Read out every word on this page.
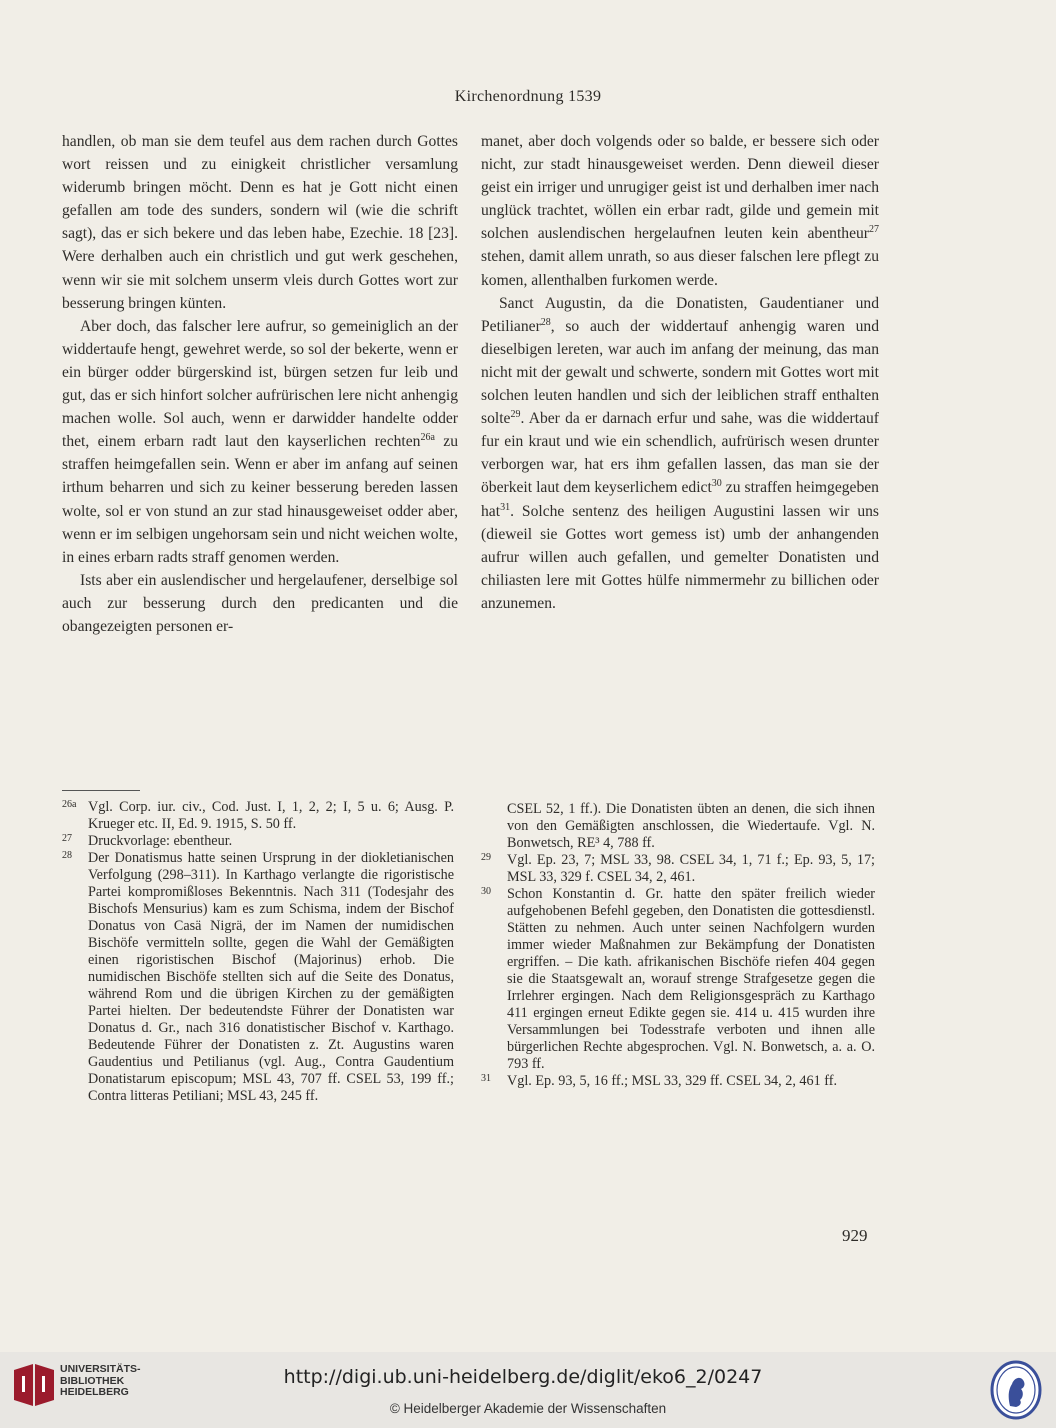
Kirchenordnung 1539

handlen, ob man sie dem teufel aus dem rachen durch Gottes wort reissen und zu einigkeit christlicher versamlung widerumb bringen möcht. Denn es hat je Gott nicht einen gefallen am tode des sunders, sondern wil (wie die schrift sagt), das er sich bekere und das leben habe, Ezechie. 18 [23]. Were derhalben auch ein christlich und gut werk geschehen, wenn wir sie mit solchem unserm vleis durch Gottes wort zur besserung bringen künten.

Aber doch, das falscher lere aufrur, so gemeiniglich an der widdertaufe hengt, gewehret werde, so sol der bekerte, wenn er ein bürger odder bürgerskind ist, bürgen setzen fur leib und gut, das er sich hinfort solcher aufrürischen lere nicht anhengig machen wolle. Sol auch, wenn er darwidder handelte odder thet, einem erbarn radt laut den kayserlichen rechten$^{26a}$ zu straffen heimgefallen sein. Wenn er aber im anfang auf seinen irthum beharren und sich zu keiner besserung bereden lassen wolte, sol er von stund an zur stad hinausgeweiset odder aber, wenn er im selbigen ungehorsam sein und nicht weichen wolte, in eines erbarn radts straff genomen werden.

Ists aber ein auslendischer und hergelaufener, derselbige sol auch zur besserung durch den predicanten und die obangezeigten personen er-

manet, aber doch volgends oder so balde, er bessere sich oder nicht, zur stadt hinausgeweiset werden. Denn dieweil dieser geist ein irriger und unrugiger geist ist und derhalben imer nach unglück trachtet, wöllen ein erbar radt, gilde und gemein mit solchen auslendischen hergelaufnen leuten kein abentheur$^{27}$ stehen, damit allem unrath, so aus dieser falschen lere pflegt zu komen, allenthalben furkomen werde.

Sanct Augustin, da die Donatisten, Gaudentianer und Petilianer$^{28}$, so auch der widdertauf anhengig waren und dieselbigen lereten, war auch im anfang der meinung, das man nicht mit der gewalt und schwerte, sondern mit Gottes wort mit solchen leuten handlen und sich der leiblichen straff enthalten solte$^{29}$. Aber da er darnach erfur und sahe, was die widdertauf fur ein kraut und wie ein schendlich, aufrürisch wesen drunter verborgen war, hat ers ihm gefallen lassen, das man sie der öberkeit laut dem keyserlichem edict$^{30}$ zu straffen heimgegeben hat$^{31}$. Solche sentenz des heiligen Augustini lassen wir uns (dieweil sie Gottes wort gemess ist) umb der anhangenden aufrur willen auch gefallen, und gemelter Donatisten und chiliasten lere mit Gottes hülfe nimmermehr zu billichen oder anzunemen.

26a Vgl. Corp. iur. civ., Cod. Just. I, 1, 2, 2; I, 5 u. 6; Ausg. P. Krueger etc. II, Ed. 9. 1915, S. 50 ff.
27 Druckvorlage: ebentheur.
28 Der Donatismus hatte seinen Ursprung in der diokletianischen Verfolgung (298–311). In Karthago verlangte die rigoristische Partei kompromißloses Bekenntnis. Nach 311 (Todesjahr des Bischofs Mensurius) kam es zum Schisma, indem der Bischof Donatus von Casä Nigrä, der im Namen der numidischen Bischöfe vermitteln sollte, gegen die Wahl der Gemäßigten einen rigoristischen Bischof (Majorinus) erhob. Die numidischen Bischöfe stellten sich auf die Seite des Donatus, während Rom und die übrigen Kirchen zu der gemäßigten Partei hielten. Der bedeutendste Führer der Donatisten war Donatus d. Gr., nach 316 donatistischer Bischof v. Karthago. Bedeutende Führer der Donatisten z. Zt. Augustins waren Gaudentius und Petilianus (vgl. Aug., Contra Gaudentium Donatistarum episcopum; MSL 43, 707 ff. CSEL 53, 199 ff.; Contra litteras Petiliani; MSL 43, 245 ff.
CSEL 52, 1 ff.). Die Donatisten übten an denen, die sich ihnen von den Gemäßigten anschlossen, die Wiedertaufe. Vgl. N. Bonwetsch, RE³ 4, 788 ff.
29 Vgl. Ep. 23, 7; MSL 33, 98. CSEL 34, 1, 71 f.; Ep. 93, 5, 17; MSL 33, 329 f. CSEL 34, 2, 461.
30 Schon Konstantin d. Gr. hatte den später freilich wieder aufgehobenen Befehl gegeben, den Donatisten die gottesdienstl. Stätten zu nehmen. Auch unter seinen Nachfolgern wurden immer wieder Maßnahmen zur Bekämpfung der Donatisten ergriffen. – Die kath. afrikanischen Bischöfe riefen 404 gegen sie die Staatsgewalt an, worauf strenge Strafgesetze gegen die Irrlehrer ergingen. Nach dem Religionsgespräch zu Karthago 411 ergingen erneut Edikte gegen sie. 414 u. 415 wurden ihre Versammlungen bei Todesstrafe verboten und ihnen alle bürgerlichen Rechte abgesprochen. Vgl. N. Bonwetsch, a. a. O. 793 ff.
31 Vgl. Ep. 93, 5, 16 ff.; MSL 33, 329 ff. CSEL 34, 2, 461 ff.
929
UNIVERSITÄTS-
BIBLIOTHEK
HEIDELBERG
http://digi.ub.uni-heidelberg.de/diglit/eko6_2/0247
© Heidelberger Akademie der Wissenschaften
